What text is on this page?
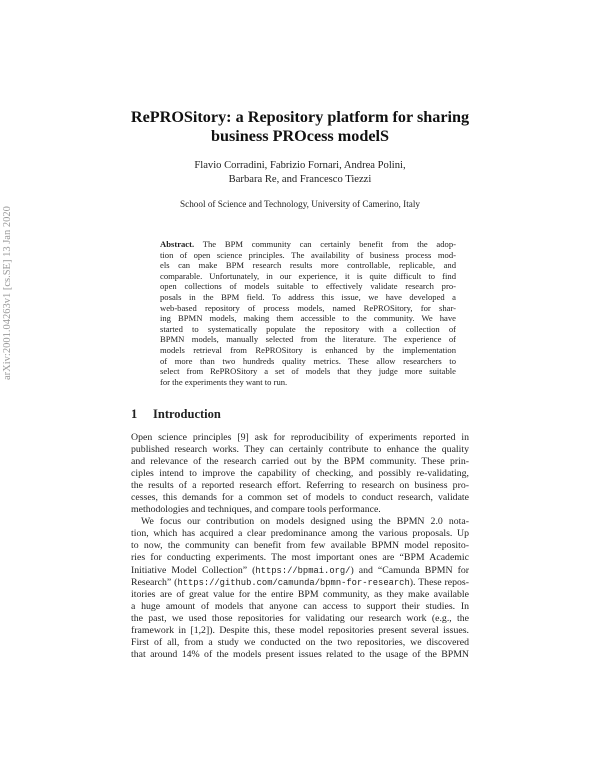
arXiv:2001.04263v1 [cs.SE] 13 Jan 2020
RePROSitory: a Repository platform for sharing
business PROcess modelS
Flavio Corradini, Fabrizio Fornari, Andrea Polini,
Barbara Re, and Francesco Tiezzi
School of Science and Technology, University of Camerino, Italy
Abstract. The BPM community can certainly benefit from the adop-
tion of open science principles. The availability of business process mod-
els can make BPM research results more controllable, replicable, and
comparable. Unfortunately, in our experience, it is quite difficult to find
open collections of models suitable to effectively validate research pro-
posals in the BPM field. To address this issue, we have developed a
web-based repository of process models, named RePROSitory, for shar-
ing BPMN models, making them accessible to the community. We have
started to systematically populate the repository with a collection of
BPMN models, manually selected from the literature. The experience of
models retrieval from RePROSitory is enhanced by the implementation
of more than two hundreds quality metrics. These allow researchers to
select from RePROSitory a set of models that they judge more suitable
for the experiments they want to run.
1 Introduction
Open science principles [9] ask for reproducibility of experiments reported in
published research works. They can certainly contribute to enhance the quality
and relevance of the research carried out by the BPM community. These prin-
ciples intend to improve the capability of checking, and possibly re-validating,
the results of a reported research effort. Referring to research on business pro-
cesses, this demands for a common set of models to conduct research, validate
methodologies and techniques, and compare tools performance.
We focus our contribution on models designed using the BPMN 2.0 nota-
tion, which has acquired a clear predominance among the various proposals. Up
to now, the community can benefit from few available BPMN model reposito-
ries for conducting experiments. The most important ones are “BPM Academic
Initiative Model Collection” (https://bpmai.org/) and “Camunda BPMN for
Research” (https://github.com/camunda/bpmn-for-research). These repos-
itories are of great value for the entire BPM community, as they make available
a huge amount of models that anyone can access to support their studies. In
the past, we used those repositories for validating our research work (e.g., the
framework in [1,2]). Despite this, these model repositories present several issues.
First of all, from a study we conducted on the two repositories, we discovered
that around 14% of the models present issues related to the usage of the BPMN
